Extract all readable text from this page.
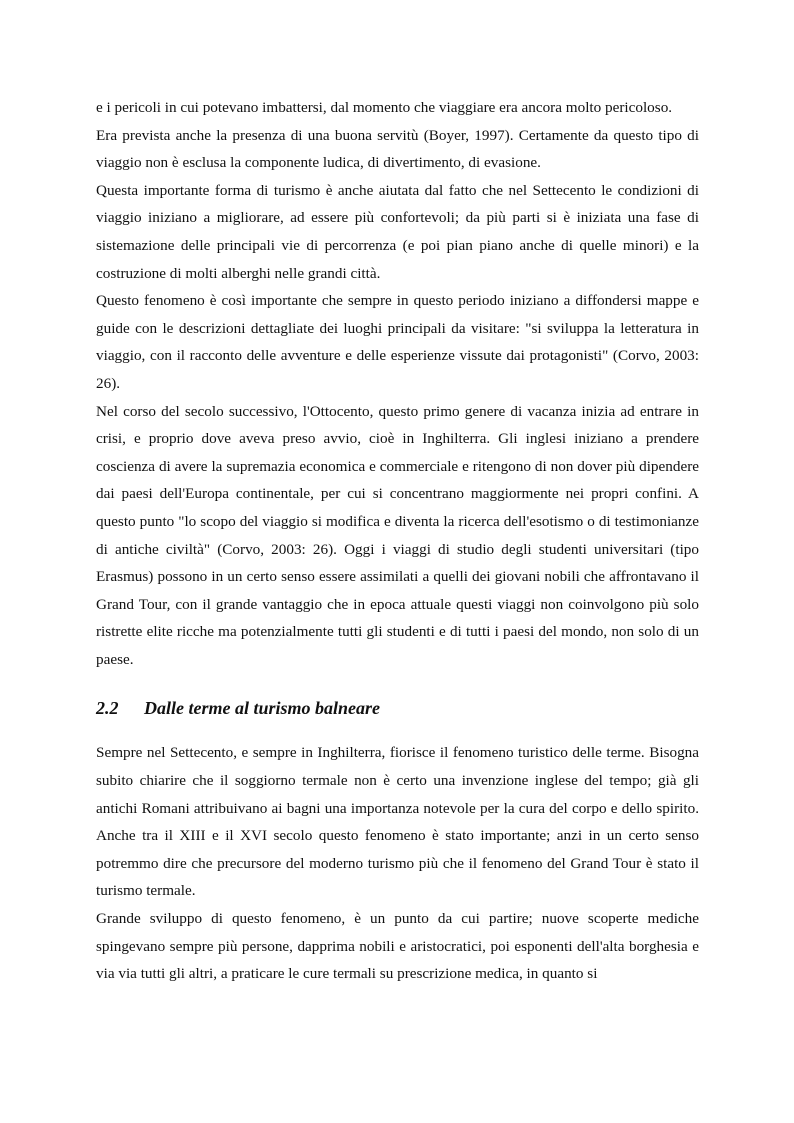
e i pericoli in cui potevano imbattersi, dal momento che viaggiare era ancora molto pericoloso.

Era prevista anche la presenza di una buona servitù (Boyer, 1997). Certamente da questo tipo di viaggio non è esclusa la componente ludica, di divertimento, di evasione.

Questa importante forma di turismo è anche aiutata dal fatto che nel Settecento le condizioni di viaggio iniziano a migliorare, ad essere più confortevoli; da più parti si è iniziata una fase di sistemazione delle principali vie di percorrenza (e poi pian piano anche di quelle minori) e la costruzione di molti alberghi nelle grandi città.

Questo fenomeno è così importante che sempre in questo periodo iniziano a diffondersi mappe e guide con le descrizioni dettagliate dei luoghi principali da visitare: "si sviluppa la letteratura in viaggio, con il racconto delle avventure e delle esperienze vissute dai protagonisti" (Corvo, 2003: 26).

Nel corso del secolo successivo, l'Ottocento, questo primo genere di vacanza inizia ad entrare in crisi, e proprio dove aveva preso avvio, cioè in Inghilterra. Gli inglesi iniziano a prendere coscienza di avere la supremazia economica e commerciale e ritengono di non dover più dipendere dai paesi dell'Europa continentale, per cui si concentrano maggiormente nei propri confini. A questo punto "lo scopo del viaggio si modifica e diventa la ricerca dell'esotismo o di testimonianze di antiche civiltà" (Corvo, 2003: 26). Oggi i viaggi di studio degli studenti universitari (tipo Erasmus) possono in un certo senso essere assimilati a quelli dei giovani nobili che affrontavano il Grand Tour, con il grande vantaggio che in epoca attuale questi viaggi non coinvolgono più solo ristrette elite ricche ma potenzialmente tutti gli studenti e di tutti i paesi del mondo, non solo di un paese.

2.2	Dalle terme al turismo balneare

Sempre nel Settecento, e sempre in Inghilterra, fiorisce il fenomeno turistico delle terme. Bisogna subito chiarire che il soggiorno termale non è certo una invenzione inglese del tempo; già gli antichi Romani attribuivano ai bagni una importanza notevole per la cura del corpo e dello spirito. Anche tra il XIII e il XVI secolo questo fenomeno è stato importante; anzi in un certo senso potremmo dire che precursore del moderno turismo più che il fenomeno del Grand Tour è stato il turismo termale.

Grande sviluppo di questo fenomeno, è un punto da cui partire; nuove scoperte mediche spingevano sempre più persone, dapprima nobili e aristocratici, poi esponenti dell'alta borghesia e via via tutti gli altri, a praticare le cure termali su prescrizione medica, in quanto si
